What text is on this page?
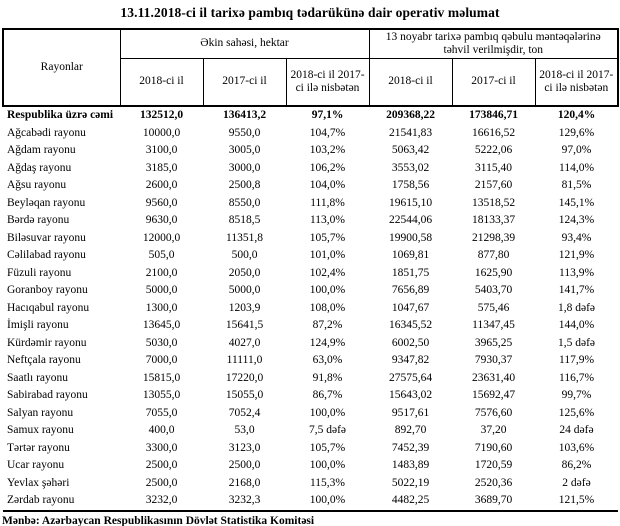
13.11.2018-ci il tarixə pambıq tədarükünə dair operativ məlumat
Rayonlar	Əkin sahəsi, hektar			13 noyabr tarixə pambıq qəbulu məntəqələrinə təhvil verilmişdir, ton		
	2018-ci il	2017-ci il	2018-ci il 2017-ci ilə nisbətən	2018-ci il	2017-ci il	2018-ci il 2017-ci ilə nisbətən
Respublika üzrə cəmi	132512,0	136413,2	97,1%	209368,22	173846,71	120,4%
Ağcabədi rayonu	10000,0	9550,0	104,7%	21541,83	16616,52	129,6%
Ağdam rayonu	3100,0	3005,0	103,2%	5063,42	5222,06	97,0%
Ağdaş rayonu	3185,0	3000,0	106,2%	3553,02	3115,40	114,0%
Ağsu rayonu	2600,0	2500,8	104,0%	1758,56	2157,60	81,5%
Beyləqan rayonu	9560,0	8550,0	111,8%	19615,10	13518,52	145,1%
Bərdə rayonu	9630,0	8518,5	113,0%	22544,06	18133,37	124,3%
Biləsuvar rayonu	12000,0	11351,8	105,7%	19900,58	21298,39	93,4%
Cəlilabad rayonu	505,0	500,0	101,0%	1069,81	877,80	121,9%
Füzuli rayonu	2100,0	2050,0	102,4%	1851,75	1625,90	113,9%
Goranboy rayonu	5000,0	5000,0	100,0%	7656,89	5403,70	141,7%
Hacıqabul rayonu	1300,0	1203,9	108,0%	1047,67	575,46	1,8 dəfə
İmişli rayonu	13645,0	15641,5	87,2%	16345,52	11347,45	144,0%
Kürdəmir rayonu	5030,0	4027,0	124,9%	6002,50	3965,25	1,5 dəfə
Neftçala rayonu	7000,0	11111,0	63,0%	9347,82	7930,37	117,9%
Saatlı rayonu	15815,0	17220,0	91,8%	27575,64	23631,40	116,7%
Sabirabad rayonu	13055,0	15055,0	86,7%	15643,02	15692,47	99,7%
Salyan rayonu	7055,0	7052,4	100,0%	9517,61	7576,60	125,6%
Samux rayonu	400,0	53,0	7,5 dəfə	892,70	37,20	24 dəfə
Tərtər rayonu	3300,0	3123,0	105,7%	7452,39	7190,60	103,6%
Ucar rayonu	2500,0	2500,0	100,0%	1483,89	1720,59	86,2%
Yevlax şəhəri	2500,0	2168,0	115,3%	5022,19	2520,36	2 dəfə
Zərdab rayonu	3232,0	3232,3	100,0%	4482,25	3689,70	121,5%
Mənbə: Azərbaycan Respublikasının Dövlət Statistika Komitəsi
